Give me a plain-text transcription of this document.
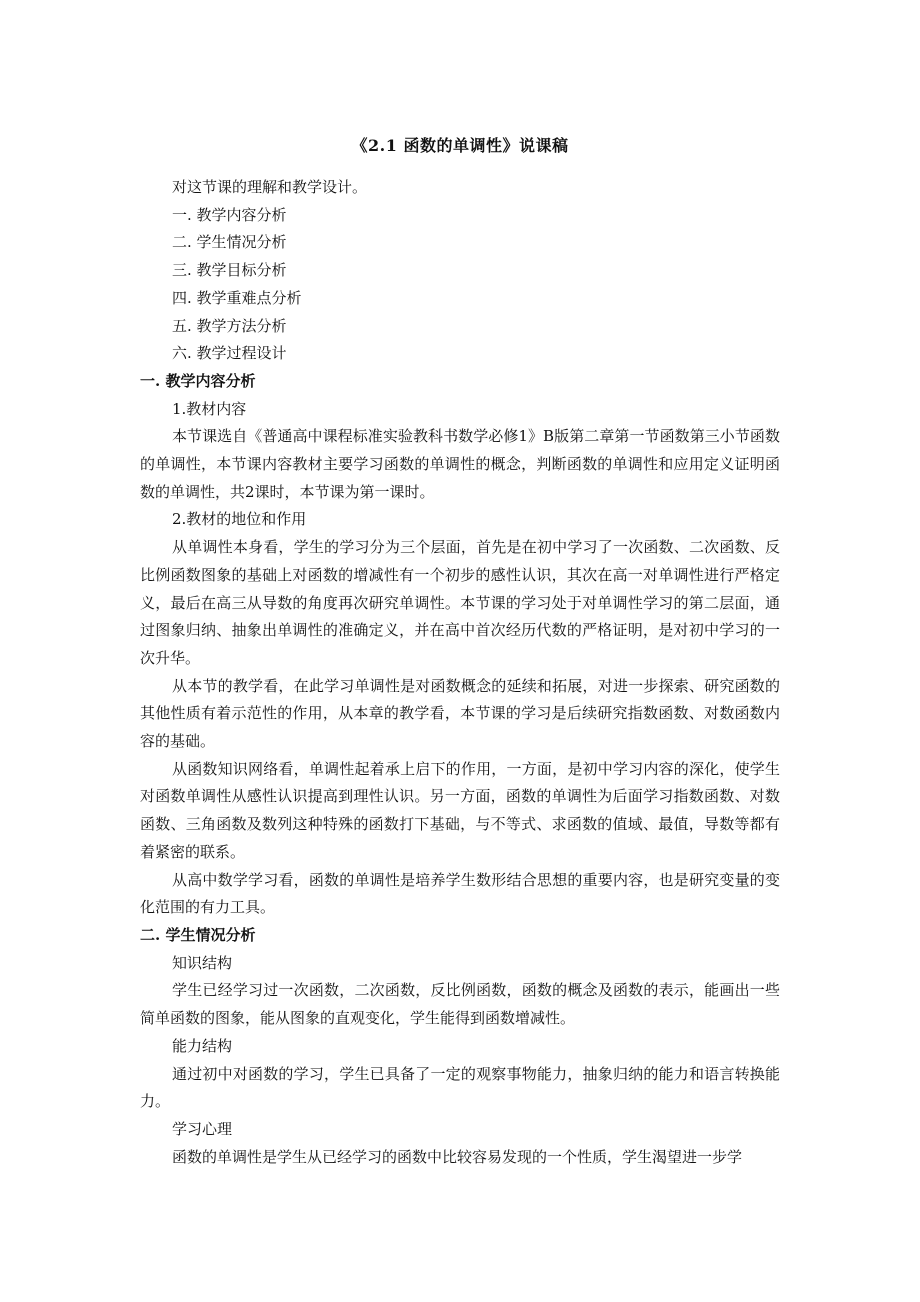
《2.1 函数的单调性》说课稿

对这节课的理解和教学设计。

一. 教学内容分析

二. 学生情况分析

三. 教学目标分析

四. 教学重难点分析

五. 教学方法分析

六. 教学过程设计

一. 教学内容分析

1.教材内容

本节课选自《普通高中课程标准实验教科书数学必修1》B版第二章第一节函数第三小节函数的单调性，本节课内容教材主要学习函数的单调性的概念，判断函数的单调性和应用定义证明函数的单调性，共2课时，本节课为第一课时。

2.教材的地位和作用

从单调性本身看，学生的学习分为三个层面，首先是在初中学习了一次函数、二次函数、反比例函数图象的基础上对函数的增减性有一个初步的感性认识，其次在高一对单调性进行严格定义，最后在高三从导数的角度再次研究单调性。本节课的学习处于对单调性学习的第二层面，通过图象归纳、抽象出单调性的准确定义，并在高中首次经历代数的严格证明，是对初中学习的一次升华。

从本节的教学看，在此学习单调性是对函数概念的延续和拓展，对进一步探索、研究函数的其他性质有着示范性的作用，从本章的教学看，本节课的学习是后续研究指数函数、对数函数内容的基础。

从函数知识网络看，单调性起着承上启下的作用，一方面，是初中学习内容的深化，使学生对函数单调性从感性认识提高到理性认识。另一方面，函数的单调性为后面学习指数函数、对数函数、三角函数及数列这种特殊的函数打下基础，与不等式、求函数的值域、最值，导数等都有着紧密的联系。

从高中数学学习看，函数的单调性是培养学生数形结合思想的重要内容，也是研究变量的变化范围的有力工具。

二. 学生情况分析

知识结构

学生已经学习过一次函数，二次函数，反比例函数，函数的概念及函数的表示，能画出一些简单函数的图象，能从图象的直观变化，学生能得到函数增减性。

能力结构

通过初中对函数的学习，学生已具备了一定的观察事物能力，抽象归纳的能力和语言转换能力。

学习心理

函数的单调性是学生从已经学习的函数中比较容易发现的一个性质，学生渴望进一步学
